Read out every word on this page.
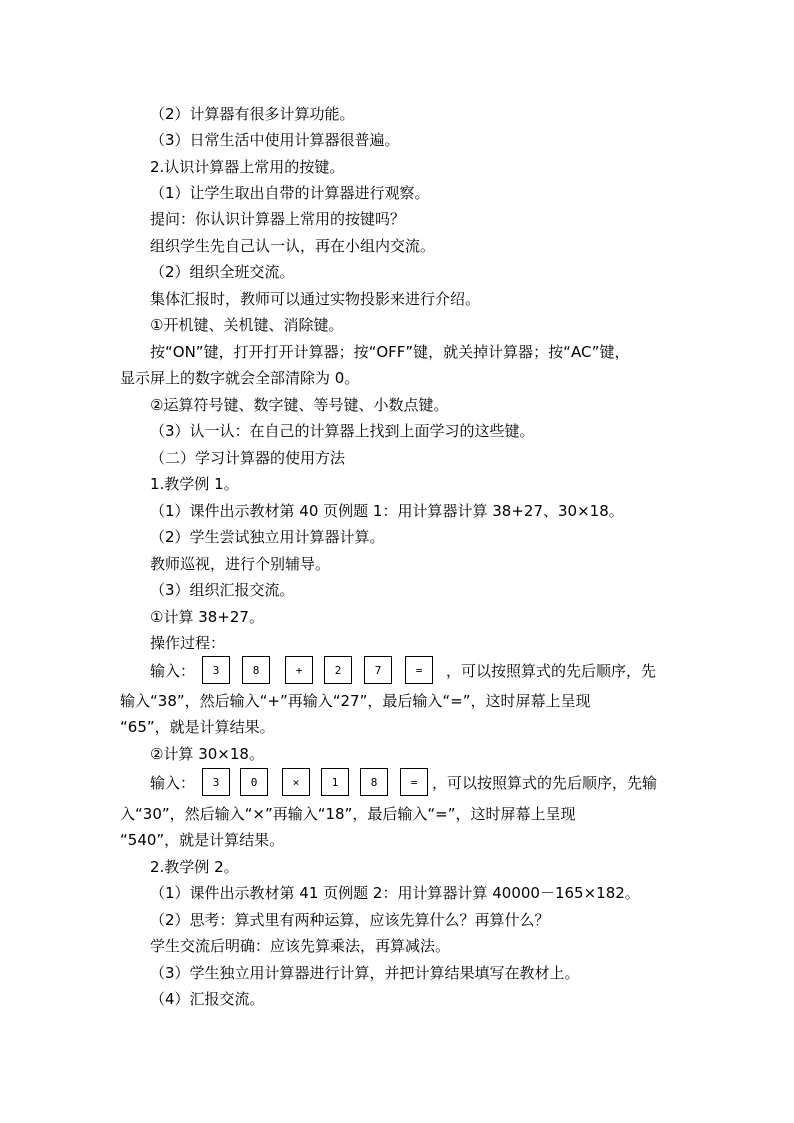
（2）计算器有很多计算功能。
（3）日常生活中使用计算器很普遍。
2.认识计算器上常用的按键。
（1）让学生取出自带的计算器进行观察。
提问：你认识计算器上常用的按键吗？
组织学生先自己认一认，再在小组内交流。
（2）组织全班交流。
集体汇报时，教师可以通过实物投影来进行介绍。
①开机键、关机键、消除键。
按“ON”键，打开打开计算器；按“OFF”键，就关掉计算器；按“AC”键，
显示屏上的数字就会全部清除为 0。
②运算符号键、数字键、等号键、小数点键。
（3）认一认：在自己的计算器上找到上面学习的这些键。
（二）学习计算器的使用方法
1.教学例 1。
（1）课件出示教材第 40 页例题 1：用计算器计算 38+27、30×18。
（2）学生尝试独立用计算器计算。
教师巡视，进行个别辅导。
（3）组织汇报交流。
①计算 38+27。
操作过程：
输入：	3	8	+	2	7	=	，可以按照算式的先后顺序，先
输入“38”，然后输入“+”再输入“27”，最后输入“=”，这时屏幕上呈现
“65”，就是计算结果。
②计算 30×18。
输入：	3	0	×	1	8	= ，可以按照算式的先后顺序，先输
入“30”，然后输入“×”再输入“18”，最后输入“=”，这时屏幕上呈现
“540”，就是计算结果。
2.教学例 2。
（1）课件出示教材第 41 页例题 2：用计算器计算 40000－165×182。
（2）思考：算式里有两种运算，应该先算什么？再算什么？
学生交流后明确：应该先算乘法，再算减法。
（3）学生独立用计算器进行计算，并把计算结果填写在教材上。
（4）汇报交流。
